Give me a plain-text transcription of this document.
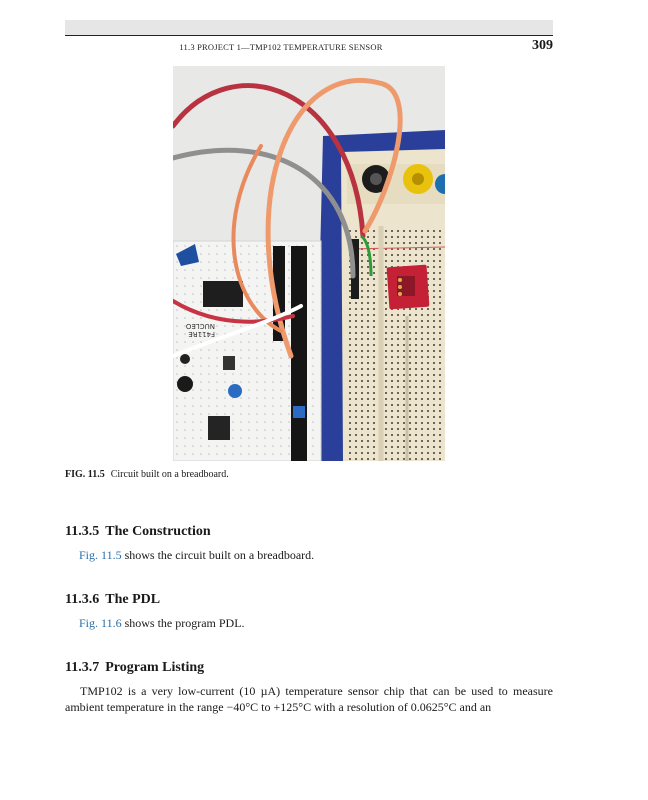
11.3 PROJECT 1—TMP102 TEMPERATURE SENSOR	309
NUCLEO
F411RE
FIG. 11.5 Circuit built on a breadboard.
11.3.5 The Construction

Fig. 11.5 shows the circuit built on a breadboard.

11.3.6 The PDL

Fig. 11.6 shows the program PDL.

11.3.7 Program Listing

TMP102 is a very low-current (10 µA) temperature sensor chip that can be used to measure ambient temperature in the range −40°C to +125°C with a resolution of 0.0625°C and an
